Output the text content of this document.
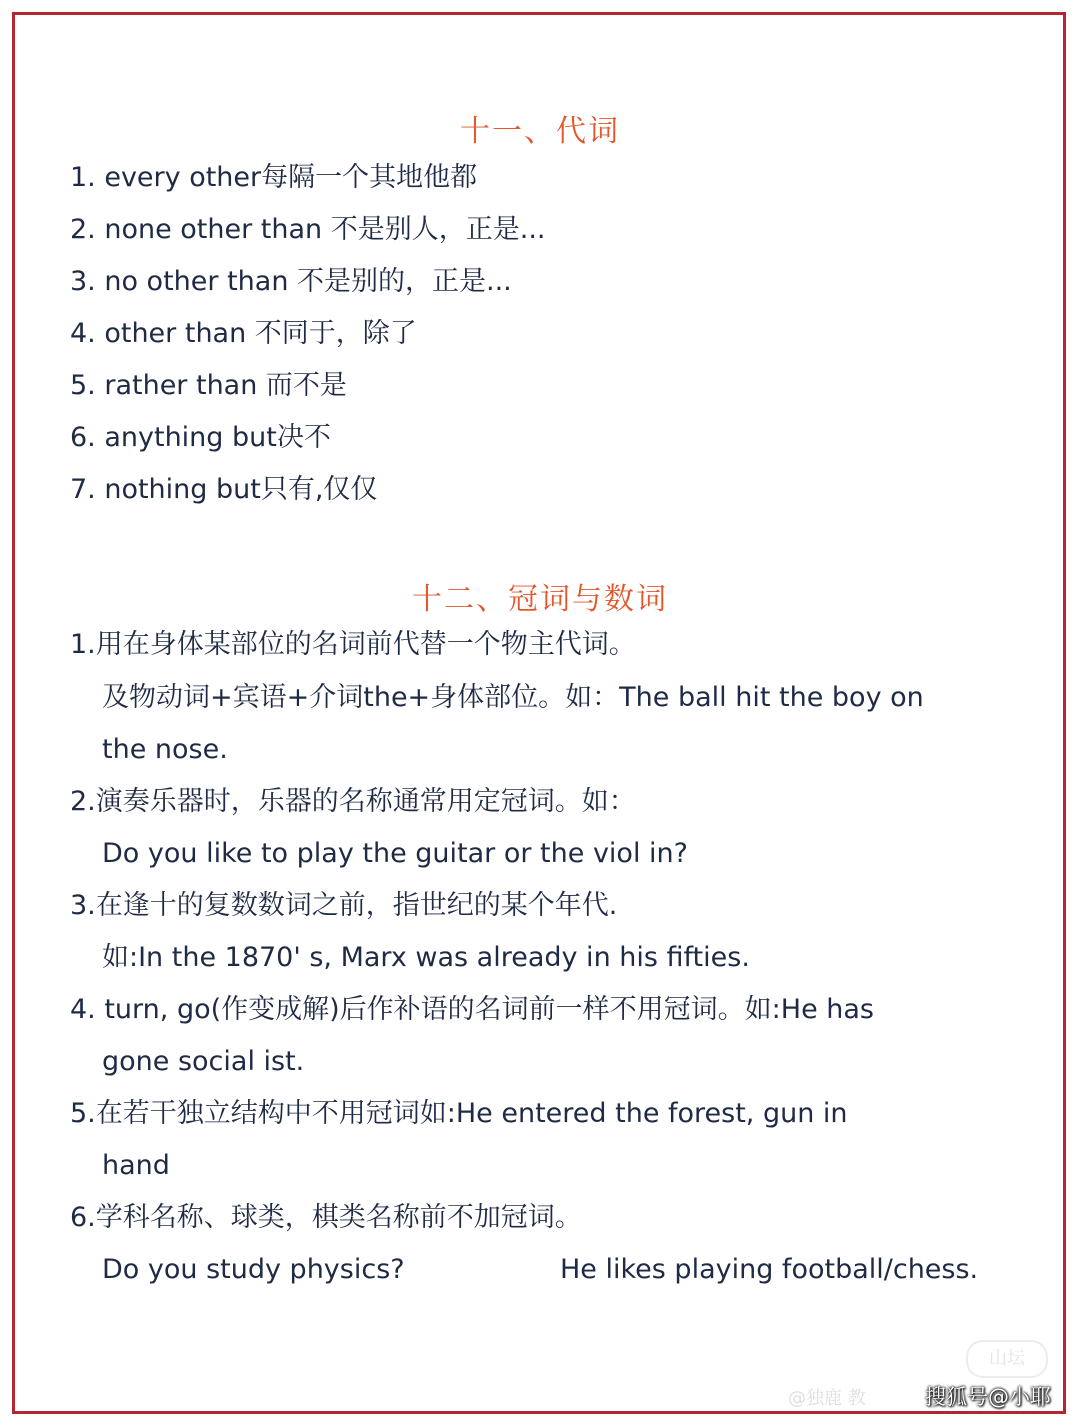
十一、代词
1. every other每隔一个其地他都
2. none other than 不是别人，正是...
3. no other than 不是别的，正是...
4. other than 不同于，除了
5. rather than 而不是
6. anything but决不
7. nothing but只有,仅仅
十二、冠词与数词
1.用在身体某部位的名词前代替一个物主代词。
及物动词+宾语+介词the+身体部位。如：The ball hit the boy on
the nose.
2.演奏乐器时，乐器的名称通常用定冠词。如：
Do you like to play the guitar or the viol in?
3.在逢十的复数数词之前，指世纪的某个年代.
如:In the 1870' s, Marx was already in his fifties.
4. turn, go(作变成解)后作补语的名词前一样不用冠词。如:He has
gone social ist.
5.在若干独立结构中不用冠词如:He entered the forest, gun in
hand
6.学科名称、球类，棋类名称前不加冠词。
Do you study physics?	He likes playing football/chess.
山坛
@独鹿 教	搜狐号@小耶
